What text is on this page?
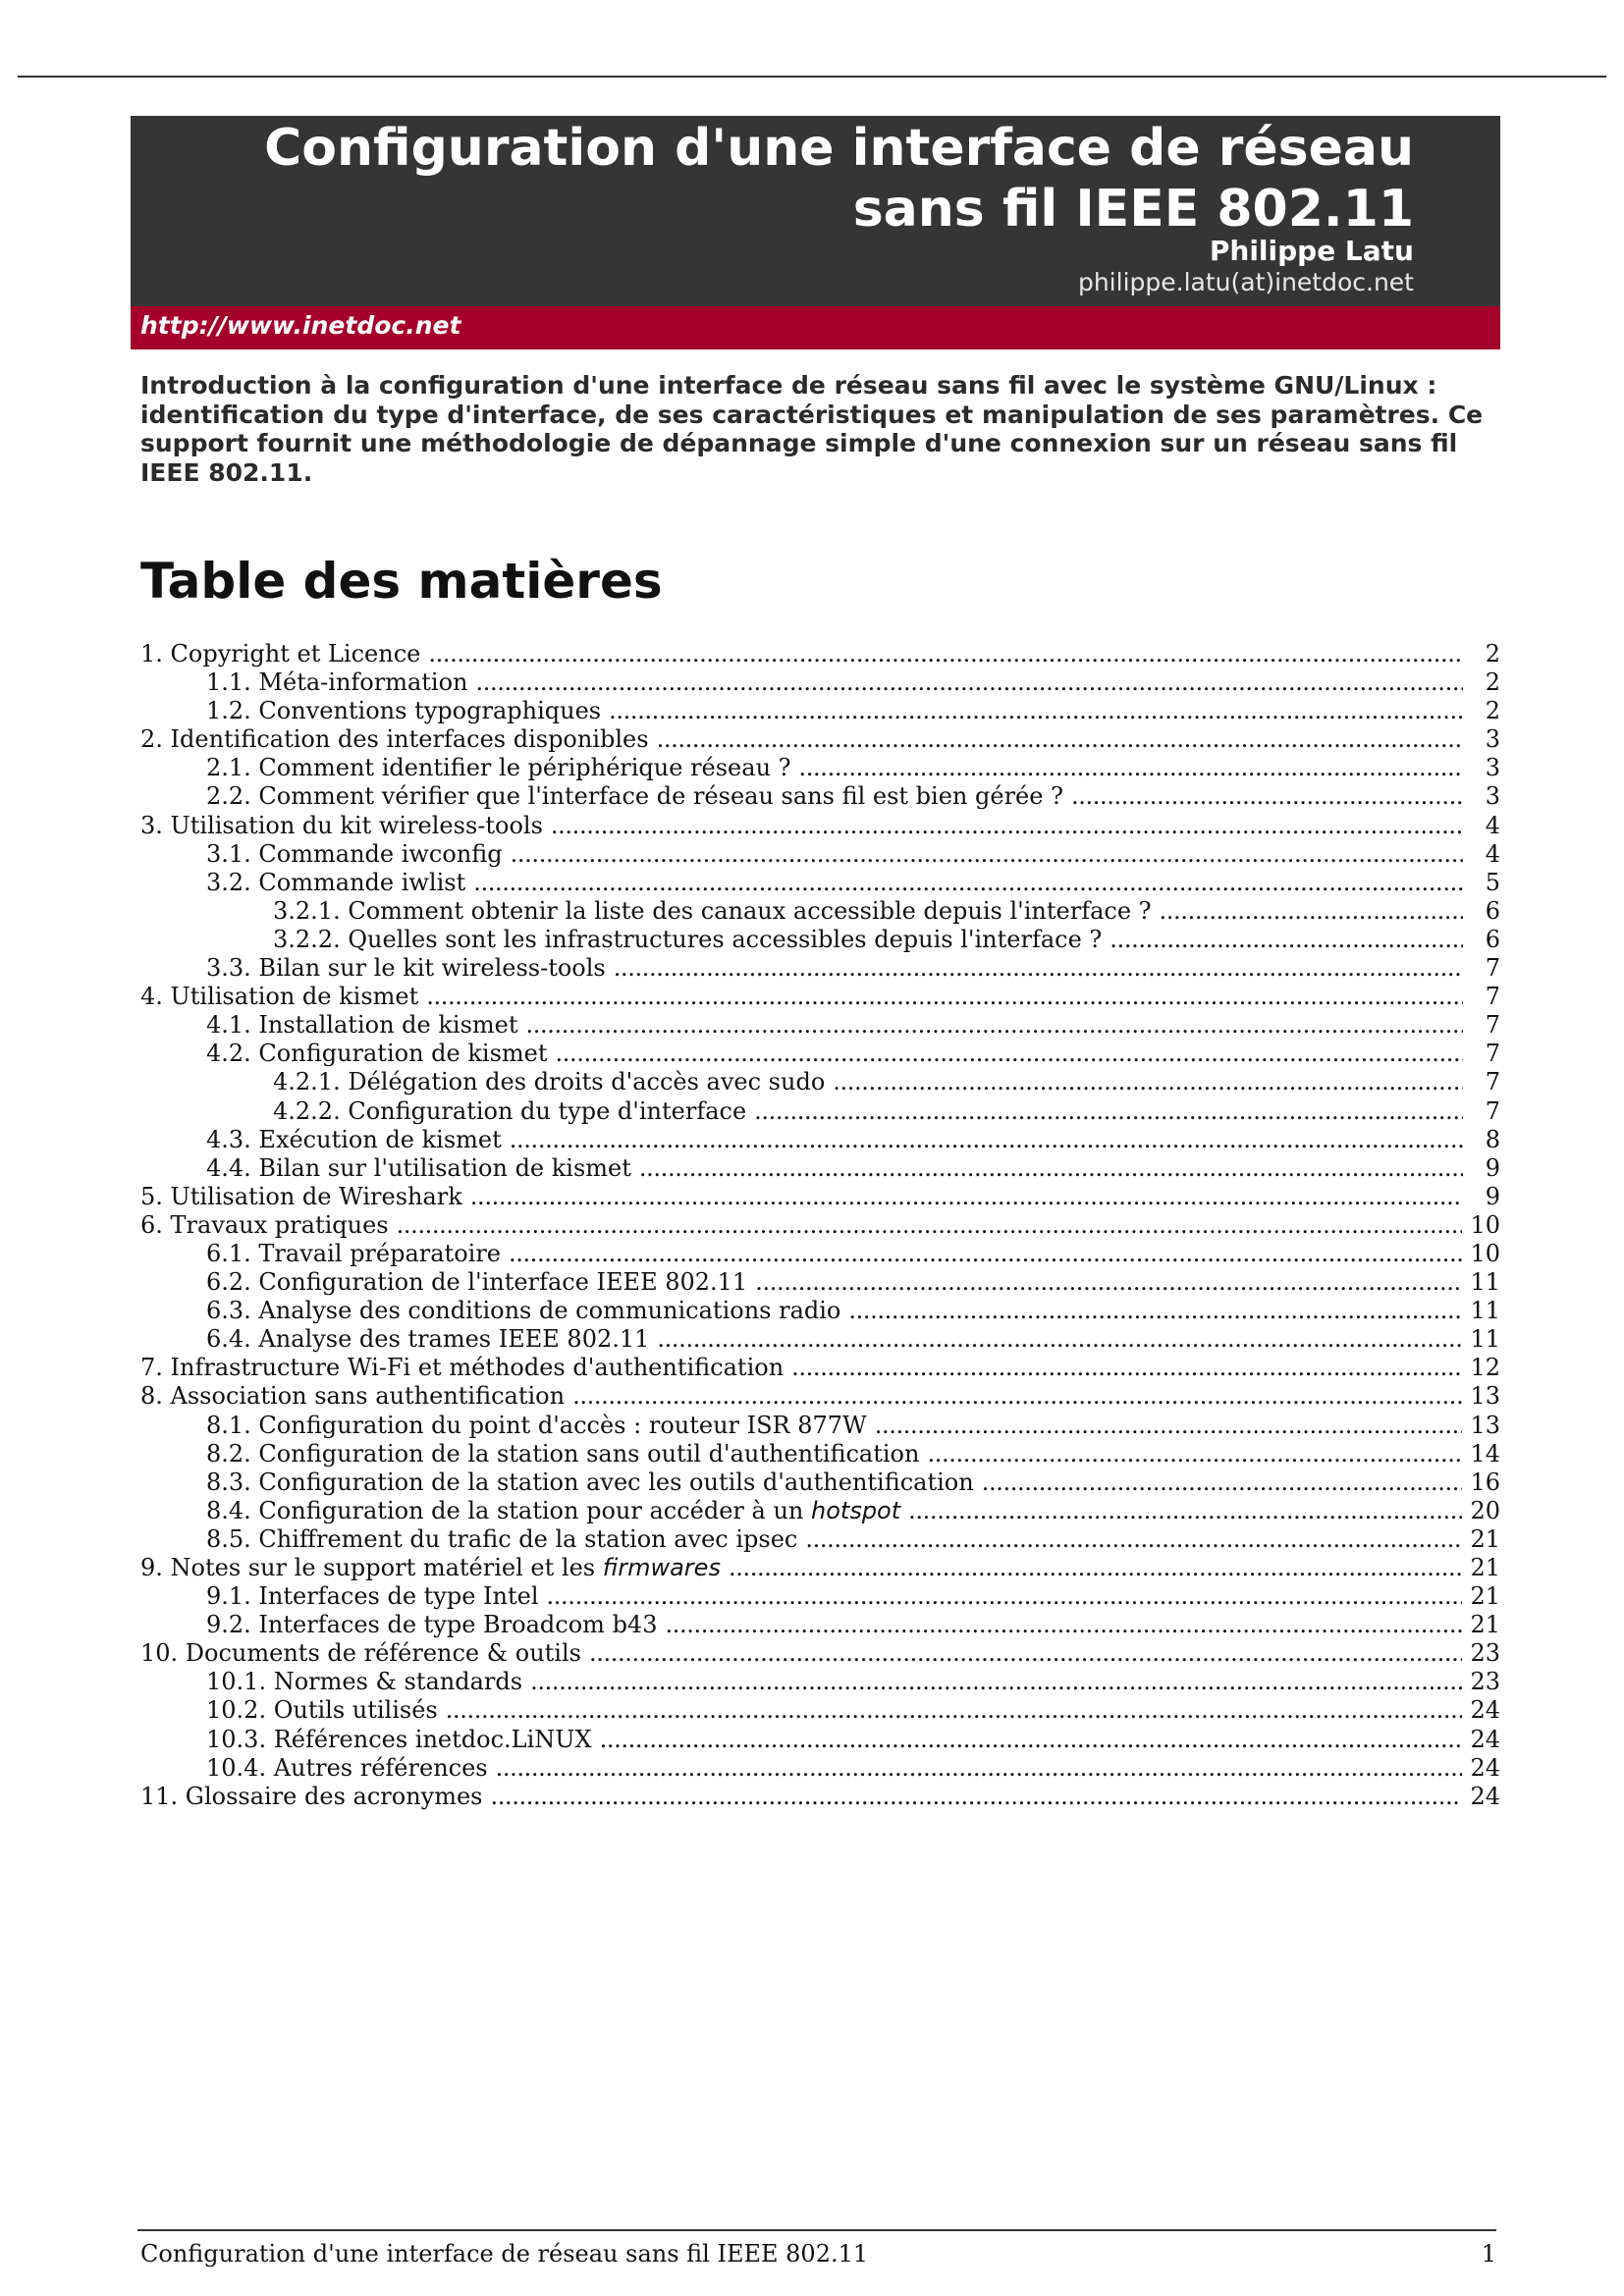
Configuration d'une interface de réseau sans fil IEEE 802.11
Philippe Latu
philippe.latu(at)inetdoc.net
http://www.inetdoc.net

Introduction à la configuration d'une interface de réseau sans fil avec le système GNU/Linux : identification du type d'interface, de ses caractéristiques et manipulation de ses paramètres. Ce support fournit une méthodologie de dépannage simple d'une connexion sur un réseau sans fil IEEE 802.11.

Table des matières
1. Copyright et Licence . . .	2
1.1. Méta-information . . .	2
1.2. Conventions typographiques . . .	2
2. Identification des interfaces disponibles . . .	3
2.1. Comment identifier le périphérique réseau ? . . .	3
2.2. Comment vérifier que l'interface de réseau sans fil est bien gérée ? . . .	3
3. Utilisation du kit wireless-tools . . .	4
3.1. Commande iwconfig . . .	4
3.2. Commande iwlist . . .	5
3.2.1. Comment obtenir la liste des canaux accessible depuis l'interface ? . . .	6
3.2.2. Quelles sont les infrastructures accessibles depuis l'interface ? . . .	6
3.3. Bilan sur le kit wireless-tools . . .	7
4. Utilisation de kismet . . .	7
4.1. Installation de kismet . . .	7
4.2. Configuration de kismet . . .	7
4.2.1. Délégation des droits d'accès avec sudo . . .	7
4.2.2. Configuration du type d'interface . . .	7
4.3. Exécution de kismet . . .	8
4.4. Bilan sur l'utilisation de kismet . . .	9
5. Utilisation de Wireshark . . .	9
6. Travaux pratiques . . .	10
6.1. Travail préparatoire . . .	10
6.2. Configuration de l'interface IEEE 802.11 . . .	11
6.3. Analyse des conditions de communications radio . . .	11
6.4. Analyse des trames IEEE 802.11 . . .	11
7. Infrastructure Wi-Fi et méthodes d'authentification . . .	12
8. Association sans authentification . . .	13
8.1. Configuration du point d'accès : routeur ISR 877W . . .	13
8.2. Configuration de la station sans outil d'authentification . . .	14
8.3. Configuration de la station avec les outils d'authentification . . .	16
8.4. Configuration de la station pour accéder à un hotspot . . .	20
8.5. Chiffrement du trafic de la station avec ipsec . . .	21
9. Notes sur le support matériel et les firmwares . . .	21
9.1. Interfaces de type Intel . . .	21
9.2. Interfaces de type Broadcom b43 . . .	21
10. Documents de référence & outils . . .	23
10.1. Normes & standards . . .	23
10.2. Outils utilisés . . .	24
10.3. Références inetdoc.LiNUX . . .	24
10.4. Autres références . . .	24
11. Glossaire des acronymes . . .	24
Configuration d'une interface de réseau sans fil IEEE 802.11	1
